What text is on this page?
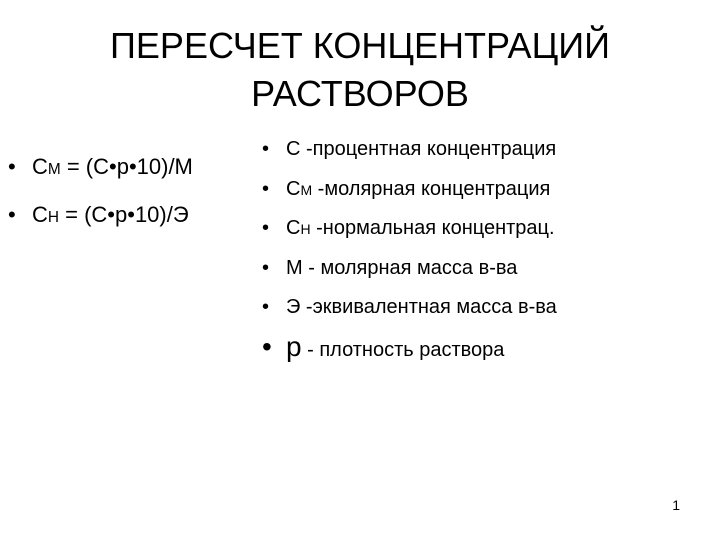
ПЕРЕСЧЕТ КОНЦЕНТРАЦИЙ
РАСТВОРОВ
• СМ = (С•р•10)/М
• СН = (С•р•10)/Э
• С -процентная концентрация
• СМ -молярная концентрация
• СН -нормальная концентрац.
• М - молярная масса в-ва
• Э -эквивалентная масса в-ва
• р - плотность раствора
1
